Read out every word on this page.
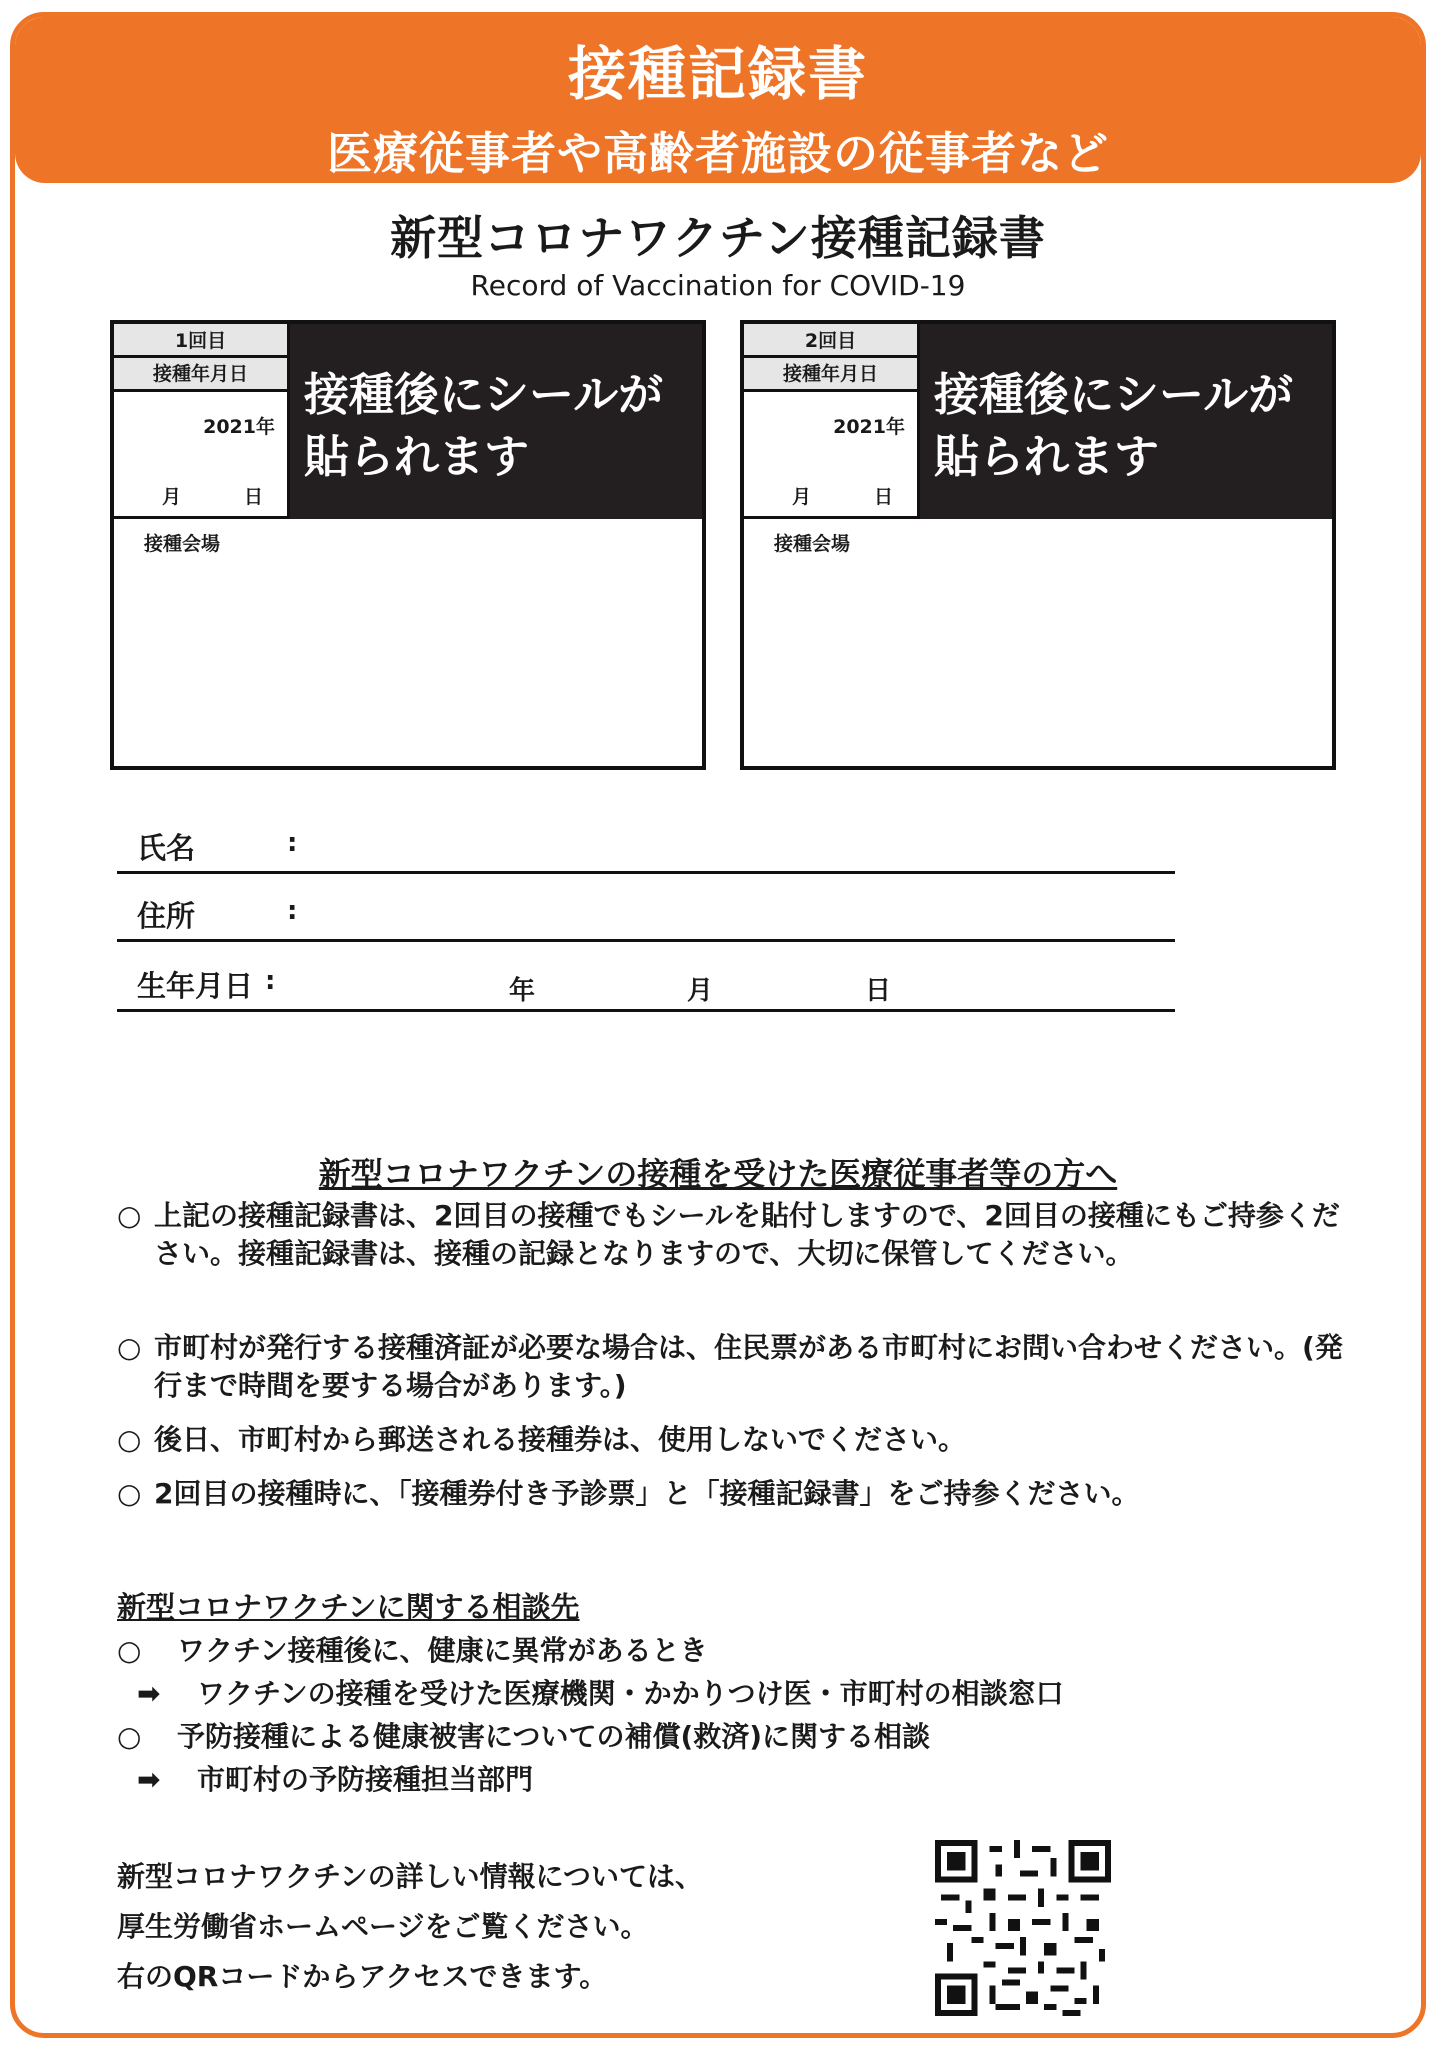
接種記録書
医療従事者や高齢者施設の従事者など
新型コロナワクチン接種記録書
Record of Vaccination for COVID-19
1回目
接種年月日
2021年
月	日
接種後にシールが
貼られます
接種会場
2回目
接種年月日
2021年
月	日
接種後にシールが
貼られます
接種会場
氏名	:
住所	:
生年月日 :	年	月	日
新型コロナワクチンの接種を受けた医療従事者等の方へ
○ 上記の接種記録書は、2回目の接種でもシールを貼付しますので、2回目の接種にもご持参ください。接種記録書は、接種の記録となりますので、大切に保管してください。
○ 市町村が発行する接種済証が必要な場合は、住民票がある市町村にお問い合わせください。(発行まで時間を要する場合があります。)
○ 後日、市町村から郵送される接種券は、使用しないでください。
○ 2回目の接種時に、「接種券付き予診票」と「接種記録書」をご持参ください。
新型コロナワクチンに関する相談先
○ ワクチン接種後に、健康に異常があるとき
➡ ワクチンの接種を受けた医療機関・かかりつけ医・市町村の相談窓口
○ 予防接種による健康被害についての補償(救済)に関する相談
➡ 市町村の予防接種担当部門
新型コロナワクチンの詳しい情報については、
厚生労働省ホームページをご覧ください。
右のQRコードからアクセスできます。
